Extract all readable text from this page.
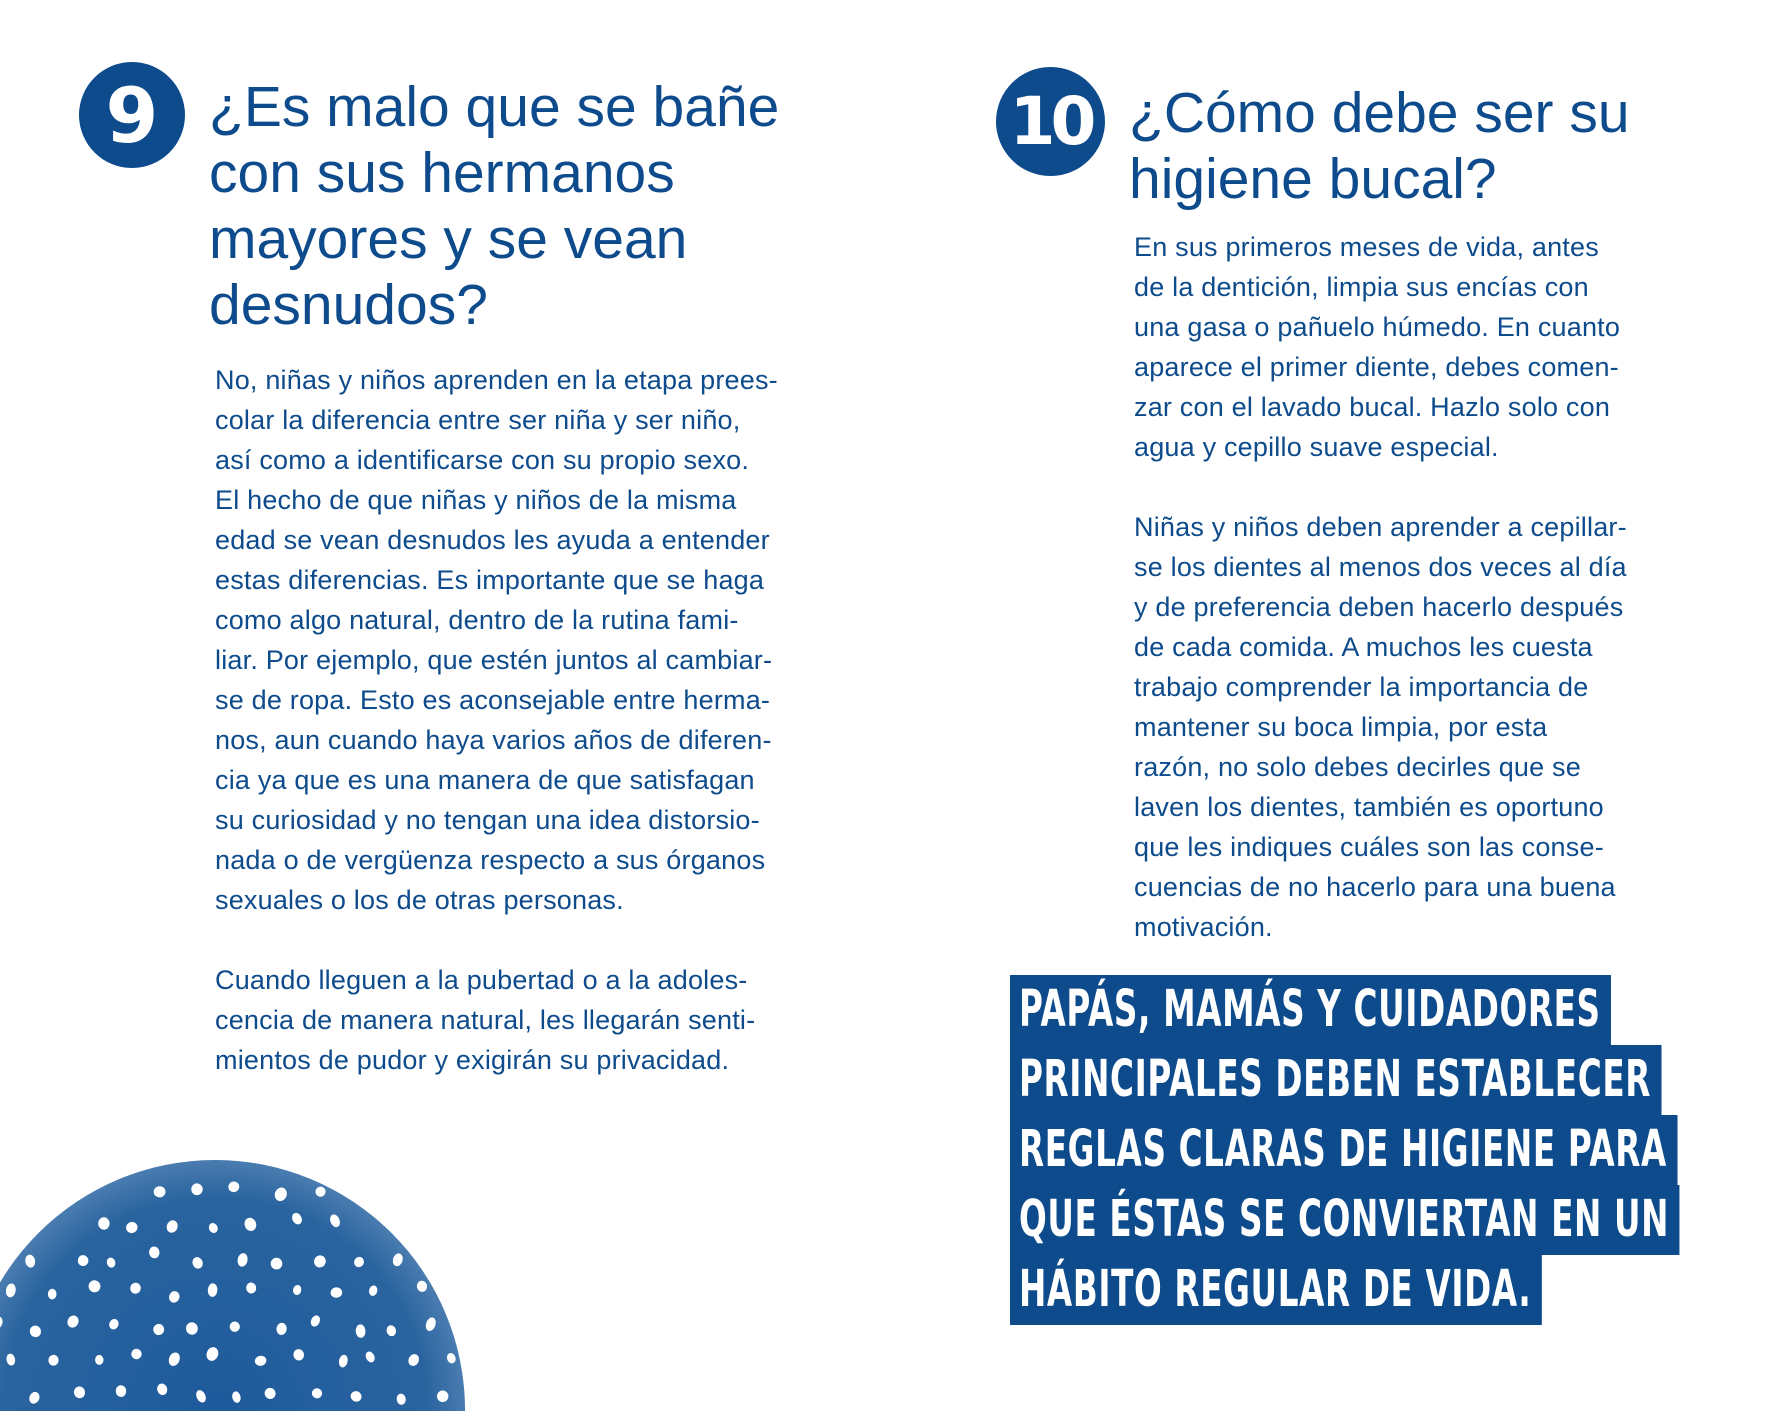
9 ¿Es malo que se bañe con sus hermanos mayores y se vean desnudos?

No, niñas y niños aprenden en la etapa prees-
colar la diferencia entre ser niña y ser niño,
así como a identificarse con su propio sexo.
El hecho de que niñas y niños de la misma
edad se vean desnudos les ayuda a entender
estas diferencias. Es importante que se haga
como algo natural, dentro de la rutina fami-
liar. Por ejemplo, que estén juntos al cambiar-
se de ropa. Esto es aconsejable entre herma-
nos, aun cuando haya varios años de diferen-
cia ya que es una manera de que satisfagan
su curiosidad y no tengan una idea distorsio-
nada o de vergüenza respecto a sus órganos
sexuales o los de otras personas.

Cuando lleguen a la pubertad o a la adoles-
cencia de manera natural, les llegarán senti-
mientos de pudor y exigirán su privacidad.

10 ¿Cómo debe ser su higiene bucal?

En sus primeros meses de vida, antes
de la dentición, limpia sus encías con
una gasa o pañuelo húmedo. En cuanto
aparece el primer diente, debes comen-
zar con el lavado bucal. Hazlo solo con
agua y cepillo suave especial.

Niñas y niños deben aprender a cepillar-
se los dientes al menos dos veces al día
y de preferencia deben hacerlo después
de cada comida. A muchos les cuesta
trabajo comprender la importancia de
mantener su boca limpia, por esta
razón, no solo debes decirles que se
laven los dientes, también es oportuno
que les indiques cuáles son las conse-
cuencias de no hacerlo para una buena
motivación.

PAPÁS, MAMÁS Y CUIDADORES
PRINCIPALES DEBEN ESTABLECER
REGLAS CLARAS DE HIGIENE PARA
QUE ÉSTAS SE CONVIERTAN EN UN
HÁBITO REGULAR DE VIDA.
